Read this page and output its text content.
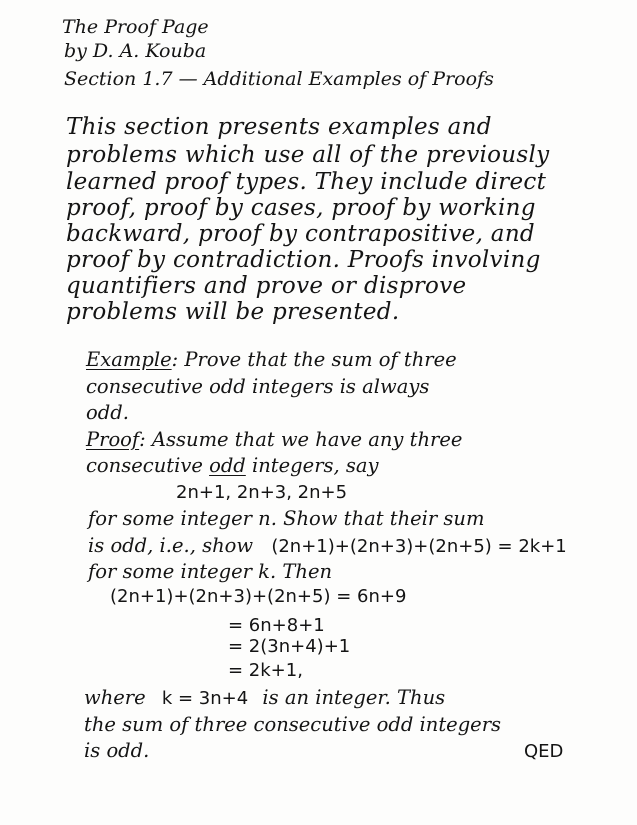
The Proof Page
by D. A. Kouba
Section 1.7 — Additional Examples of Proofs
This section presents examples and
problems which use all of the previously
learned proof types. They include direct
proof, proof by cases, proof by working
backward, proof by contrapositive, and
proof by contradiction. Proofs involving
quantifiers and prove or disprove
problems will be presented.
Example: Prove that the sum of three
consecutive odd integers is always
odd.
Proof: Assume that we have any three
consecutive odd integers, say
2n+1, 2n+3, 2n+5
for some integer n. Show that their sum
is odd, i.e., show (2n+1)+(2n+3)+(2n+5) = 2k+1
for some integer k. Then
(2n+1)+(2n+3)+(2n+5) = 6n+9
= 6n+8+1
= 2(3n+4)+1
= 2k+1,
where k = 3n+4 is an integer. Thus
the sum of three consecutive odd integers
is odd.	QED
